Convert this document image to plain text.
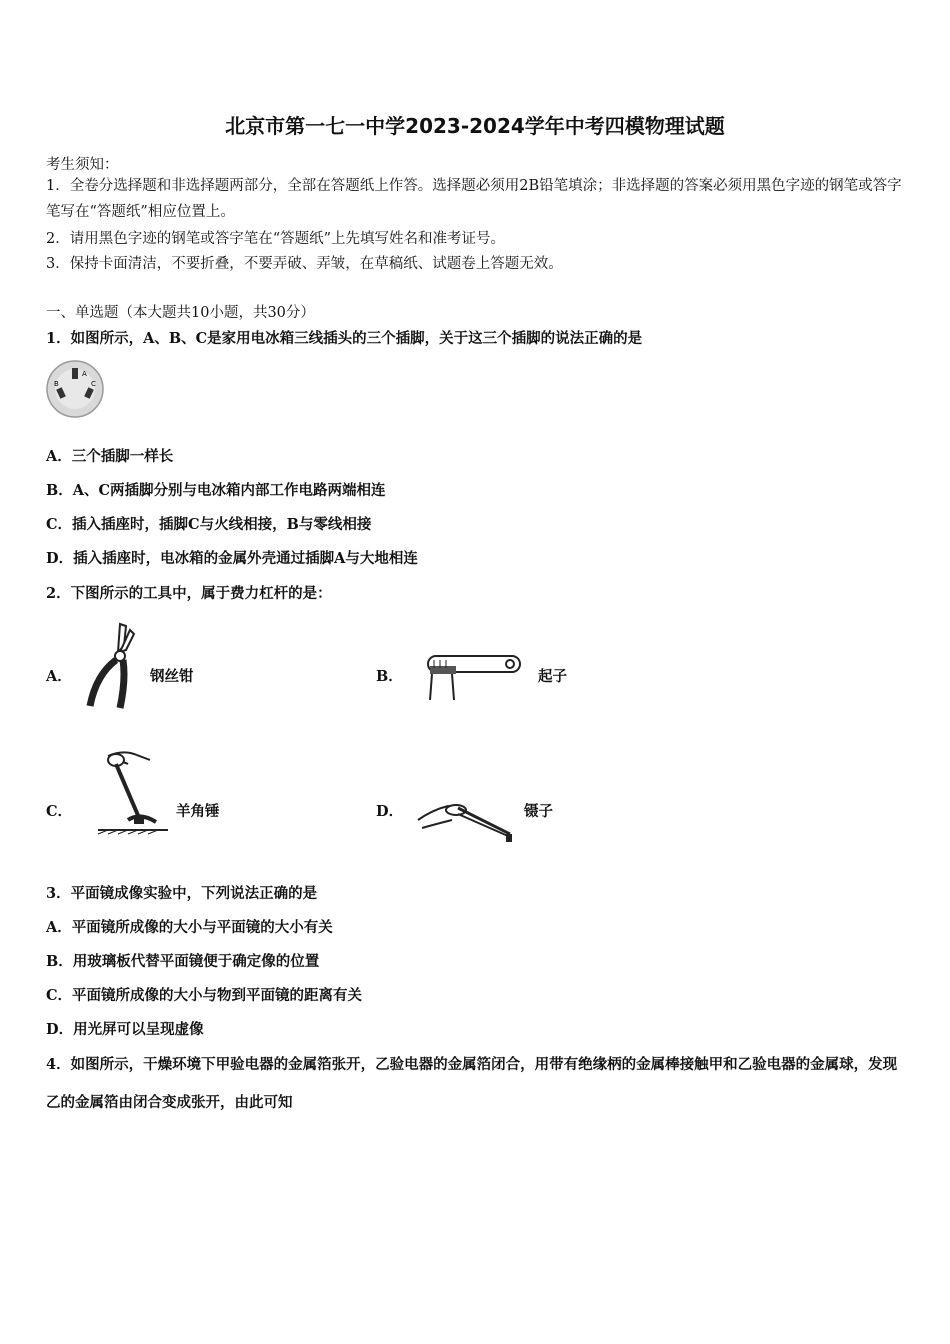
北京市第一七一中学2023-2024学年中考四模物理试题
考生须知：
1．全卷分选择题和非选择题两部分，全部在答题纸上作答。选择题必须用2B铅笔填涂；非选择题的答案必须用黑色字迹的钢笔或答字笔写在“答题纸”相应位置上。
2．请用黑色字迹的钢笔或答字笔在“答题纸”上先填写姓名和准考证号。
3．保持卡面清洁，不要折叠，不要弄破、弄皱，在草稿纸、试题卷上答题无效。
一、单选题（本大题共10小题，共30分）
1．如图所示，A、B、C是家用电冰箱三线插头的三个插脚，关于这三个插脚的说法正确的是
A
B	C
A．三个插脚一样长
B．A、C两插脚分别与电冰箱内部工作电路两端相连
C．插入插座时，插脚C与火线相接，B与零线相接
D．插入插座时，电冰箱的金属外壳通过插脚A与大地相连
2．下图所示的工具中，属于费力杠杆的是：
A．	钢丝钳	B．	起子
C．	羊角锤	D．	镊子
3．平面镜成像实验中，下列说法正确的是
A．平面镜所成像的大小与平面镜的大小有关
B．用玻璃板代替平面镜便于确定像的位置
C．平面镜所成像的大小与物到平面镜的距离有关
D．用光屏可以呈现虚像
4．如图所示，干燥环境下甲验电器的金属箔张开，乙验电器的金属箔闭合，用带有绝缘柄的金属棒接触甲和乙验电器的金属球，发现乙的金属箔由闭合变成张开，由此可知
